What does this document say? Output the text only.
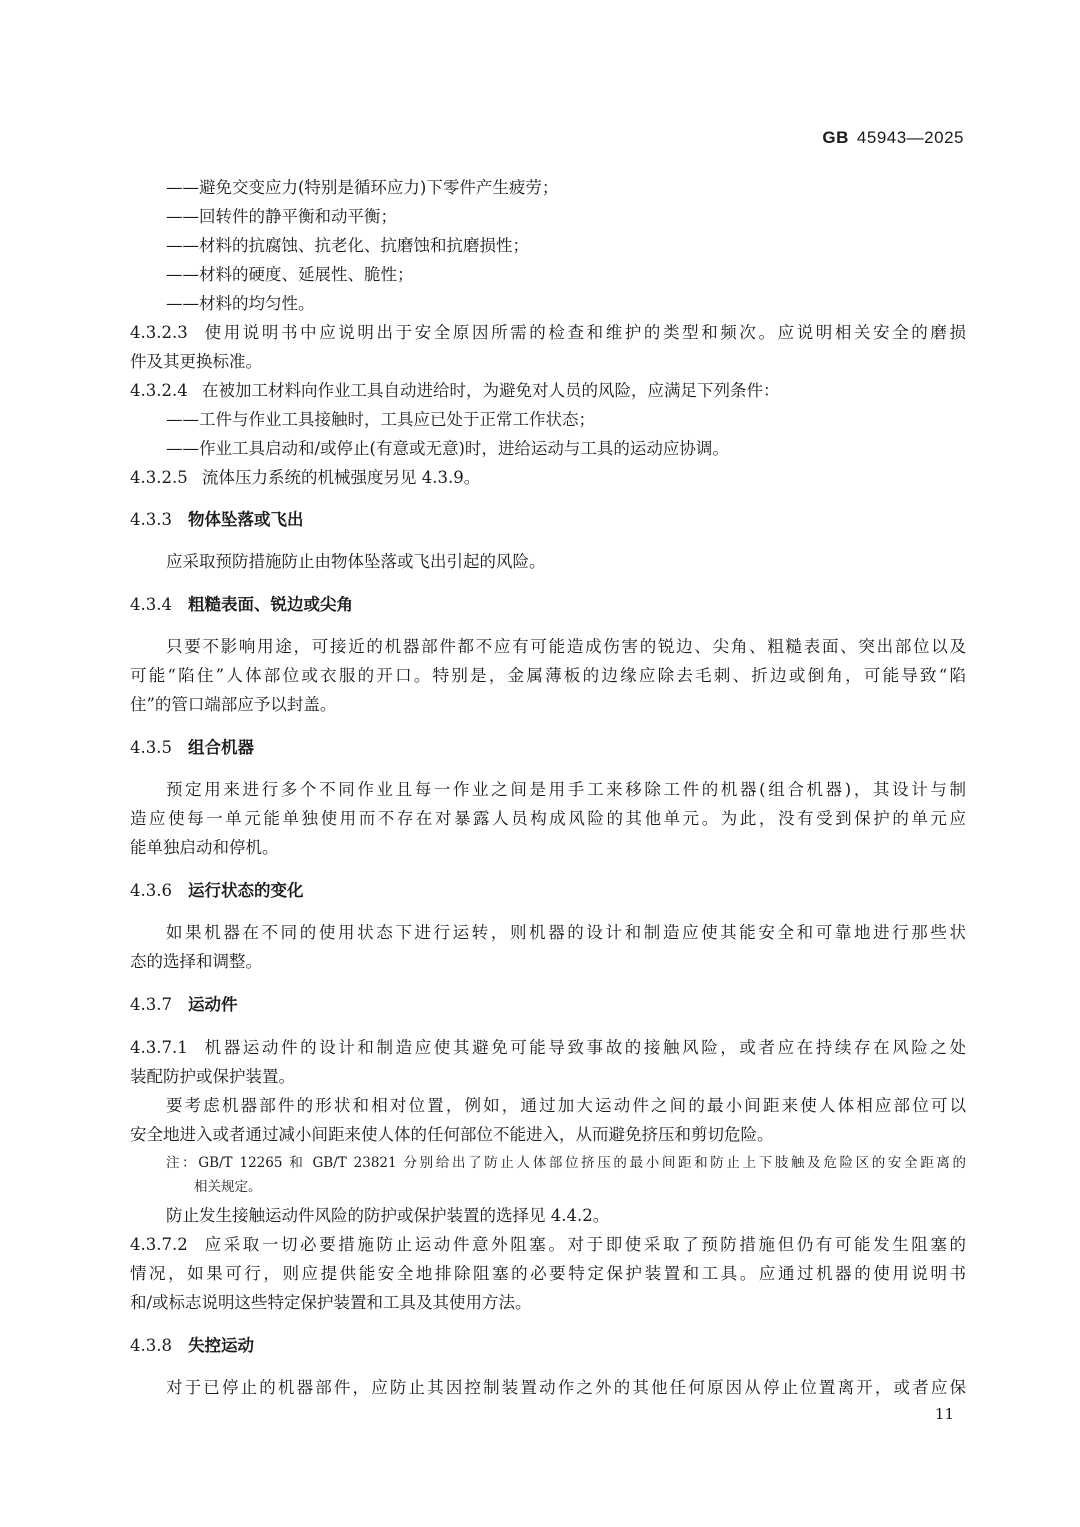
GB 45943—2025
——避免交变应力(特别是循环应力)下零件产生疲劳；
——回转件的静平衡和动平衡；
——材料的抗腐蚀、抗老化、抗磨蚀和抗磨损性；
——材料的硬度、延展性、脆性；
——材料的均匀性。
4.3.2.3 使用说明书中应说明出于安全原因所需的检查和维护的类型和频次。应说明相关安全的磨损
件及其更换标准。
4.3.2.4 在被加工材料向作业工具自动进给时，为避免对人员的风险，应满足下列条件：
——工件与作业工具接触时，工具应已处于正常工作状态；
——作业工具启动和/或停止(有意或无意)时，进给运动与工具的运动应协调。
4.3.2.5 流体压力系统的机械强度另见 4.3.9。
4.3.3 物体坠落或飞出
应采取预防措施防止由物体坠落或飞出引起的风险。
4.3.4 粗糙表面、锐边或尖角
只要不影响用途，可接近的机器部件都不应有可能造成伤害的锐边、尖角、粗糙表面、突出部位以及
可能“陷住”人体部位或衣服的开口。特别是，金属薄板的边缘应除去毛刺、折边或倒角，可能导致“陷
住”的管口端部应予以封盖。
4.3.5 组合机器
预定用来进行多个不同作业且每一作业之间是用手工来移除工件的机器(组合机器)，其设计与制
造应使每一单元能单独使用而不存在对暴露人员构成风险的其他单元。为此，没有受到保护的单元应
能单独启动和停机。
4.3.6 运行状态的变化
如果机器在不同的使用状态下进行运转，则机器的设计和制造应使其能安全和可靠地进行那些状
态的选择和调整。
4.3.7 运动件
4.3.7.1 机器运动件的设计和制造应使其避免可能导致事故的接触风险，或者应在持续存在风险之处
装配防护或保护装置。
要考虑机器部件的形状和相对位置，例如，通过加大运动件之间的最小间距来使人体相应部位可以
安全地进入或者通过减小间距来使人体的任何部位不能进入，从而避免挤压和剪切危险。
注：GB/T 12265 和 GB/T 23821 分别给出了防止人体部位挤压的最小间距和防止上下肢触及危险区的安全距离的
相关规定。
防止发生接触运动件风险的防护或保护装置的选择见 4.4.2。
4.3.7.2 应采取一切必要措施防止运动件意外阻塞。对于即使采取了预防措施但仍有可能发生阻塞的
情况，如果可行，则应提供能安全地排除阻塞的必要特定保护装置和工具。应通过机器的使用说明书
和/或标志说明这些特定保护装置和工具及其使用方法。
4.3.8 失控运动
对于已停止的机器部件，应防止其因控制装置动作之外的其他任何原因从停止位置离开，或者应保
11
